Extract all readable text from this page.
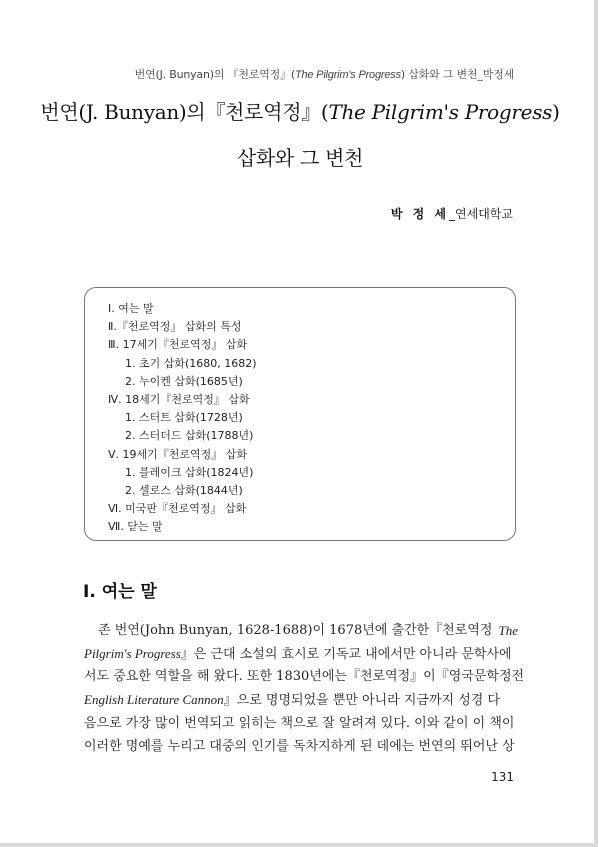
번연(J. Bunyan)의 『천로역정』(The Pilgrim's Progress) 삽화와 그 변천_박정세
번연(J. Bunyan)의『천로역정』(The Pilgrim's Progress)
삽화와 그 변천
박 정 세_연세대학교
Ⅰ. 여는 말
Ⅱ.『천로역정』 삽화의 특성
Ⅲ. 17세기『천로역정』 삽화
1. 초기 삽화(1680, 1682)
2. 누이켄 삽화(1685년)
Ⅳ. 18세기『천로역정』 삽화
1. 스터트 삽화(1728년)
2. 스터더드 삽화(1788년)
Ⅴ. 19세기『천로역정』 삽화
1. 블레이크 삽화(1824년)
2. 셀로스 삽화(1844년)
Ⅵ. 미국판『천로역정』 삽화
Ⅶ. 닫는 말
Ⅰ. 여는 말
존 번연(John Bunyan, 1628-1688)이 1678년에 출간한『천로역정 The
Pilgrim's Progress』은 근대 소설의 효시로 기독교 내에서만 아니라 문학사에
서도 중요한 역할을 해 왔다. 또한 1830년에는『천로역정』이『영국문학정전
English Literature Cannon』으로 명명되었을 뿐만 아니라 지금까지 성경 다
음으로 가장 많이 번역되고 읽히는 책으로 잘 알려져 있다. 이와 같이 이 책이
이러한 명예를 누리고 대중의 인기를 독차지하게 된 데에는 번연의 뛰어난 상
131
